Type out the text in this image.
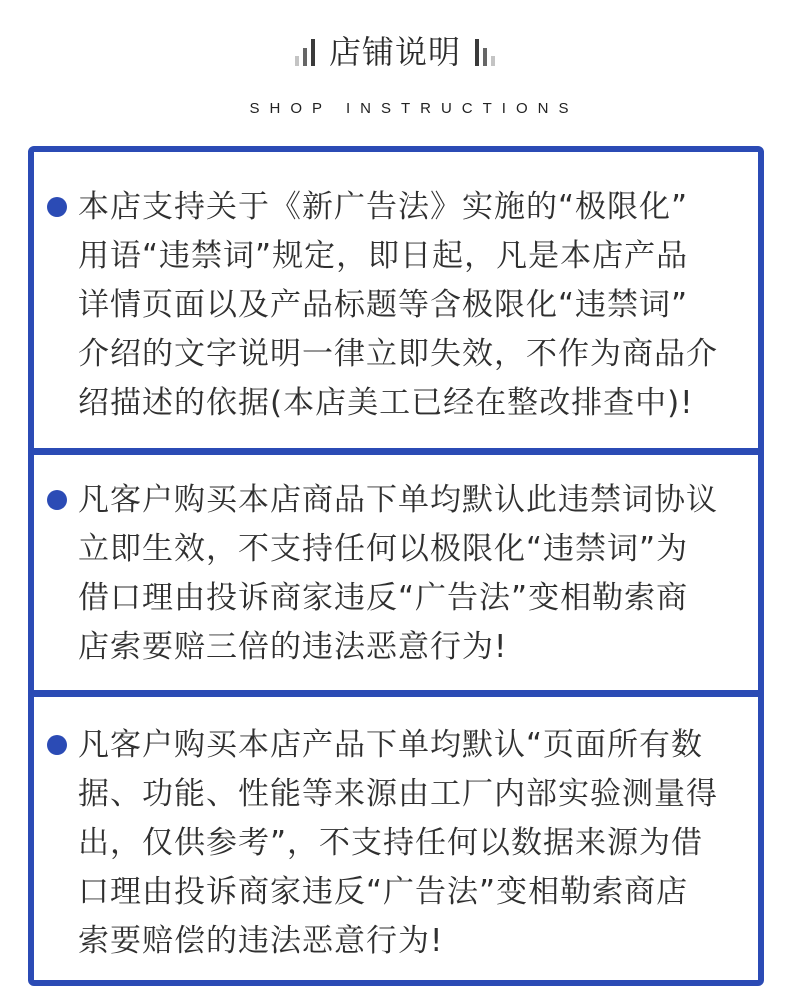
店铺说明
SHOP INSTRUCTIONS
本店支持关于《新广告法》实施的“极限化”
用语“违禁词”规定，即日起，凡是本店产品
详情页面以及产品标题等含极限化“违禁词”
介绍的文字说明一律立即失效，不作为商品介
绍描述的依据(本店美工已经在整改排查中)!
凡客户购买本店商品下单均默认此违禁词协议
立即生效，不支持任何以极限化“违禁词”为
借口理由投诉商家违反“广告法”变相勒索商
店索要赔三倍的违法恶意行为!
凡客户购买本店产品下单均默认“页面所有数
据、功能、性能等来源由工厂内部实验测量得
出，仅供参考”，不支持任何以数据来源为借
口理由投诉商家违反“广告法”变相勒索商店
索要赔偿的违法恶意行为!
